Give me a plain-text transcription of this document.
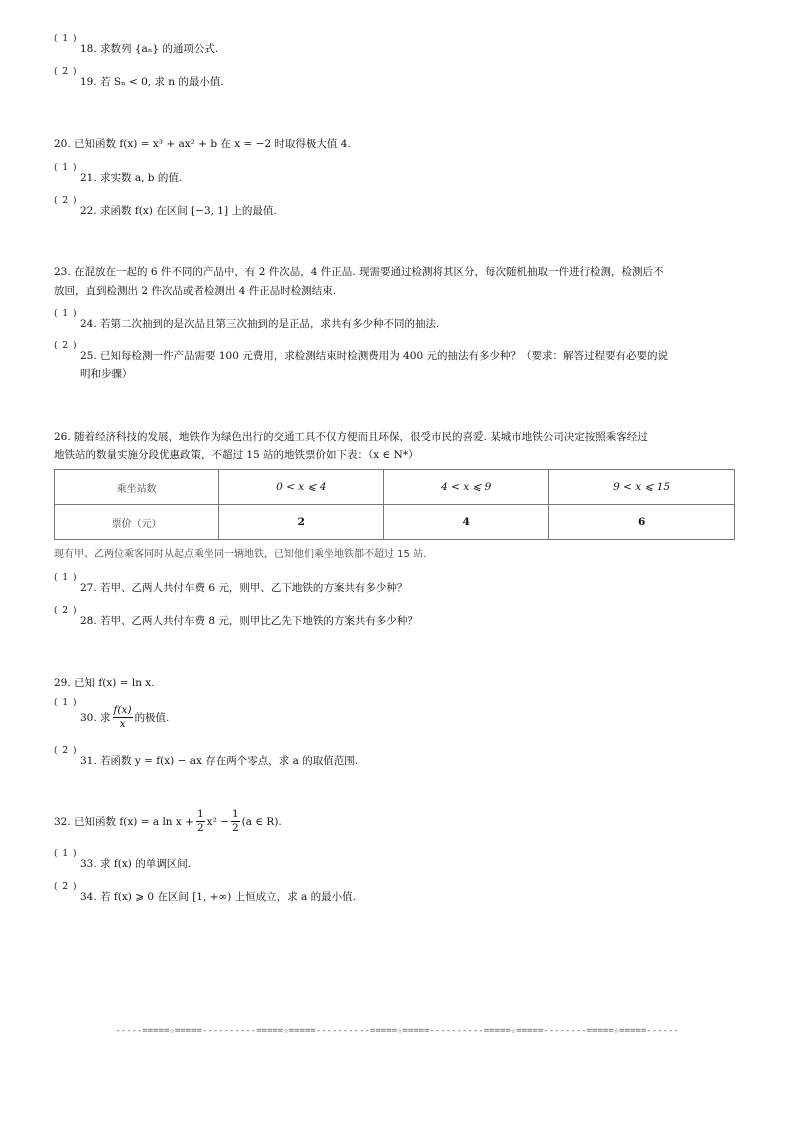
( 1 )
18. 求数列 {aₙ} 的通项公式.
( 2 )
19. 若 Sₙ < 0, 求 n 的最小值.
20. 已知函数 f(x) = x³ + ax² + b 在 x = −2 时取得极大值 4.
( 1 )
21. 求实数 a, b 的值.
( 2 )
22. 求函数 f(x) 在区间 [−3, 1] 上的最值.
23. 在混放在一起的 6 件不同的产品中，有 2 件次品，4 件正品. 现需要通过检测将其区分，每次随机抽取一件进行检测，检测后不
放回，直到检测出 2 件次品或者检测出 4 件正品时检测结束.
( 1 )
24. 若第二次抽到的是次品且第三次抽到的是正品，求共有多少种不同的抽法.
( 2 )
25. 已知每检测一件产品需要 100 元费用，求检测结束时检测费用为 400 元的抽法有多少种？（要求：解答过程要有必要的说
明和步骤）
26. 随着经济科技的发展，地铁作为绿色出行的交通工具不仅方便而且环保，很受市民的喜爱. 某城市地铁公司决定按照乘客经过
地铁站的数量实施分段优惠政策，不超过 15 站的地铁票价如下表：（x ∈ N*）
乘坐站数	0 < x ⩽ 4	4 < x ⩽ 9	9 < x ⩽ 15
票价（元）	2	4	6
现有甲、乙两位乘客同时从起点乘坐同一辆地铁，已知他们乘坐地铁都不超过 15 站.
( 1 )
27. 若甲、乙两人共付车费 6 元，则甲、乙下地铁的方案共有多少种？
( 2 )
28. 若甲、乙两人共付车费 8 元，则甲比乙先下地铁的方案共有多少种？
29. 已知 f(x) = ln x.
( 1 )
30. 求 $\frac{f(x)}{x}$ 的极值.
( 2 )
31. 若函数 y = f(x) − ax 存在两个零点，求 a 的取值范围.
32. 已知函数 f(x) = a $\ln x + \frac{1}{2} x^2 - \frac{1}{2} (a$ ∈ R).
( 1 )
33. 求 f(x) 的单调区间.
( 2 )
34. 若 f(x) ⩾ 0 在区间 [1, +∞) 上恒成立，求 a 的最小值.
-----=====☆=====----------=====☆=====----------=====☆=====----------=====☆=====--------=====☆=====------
